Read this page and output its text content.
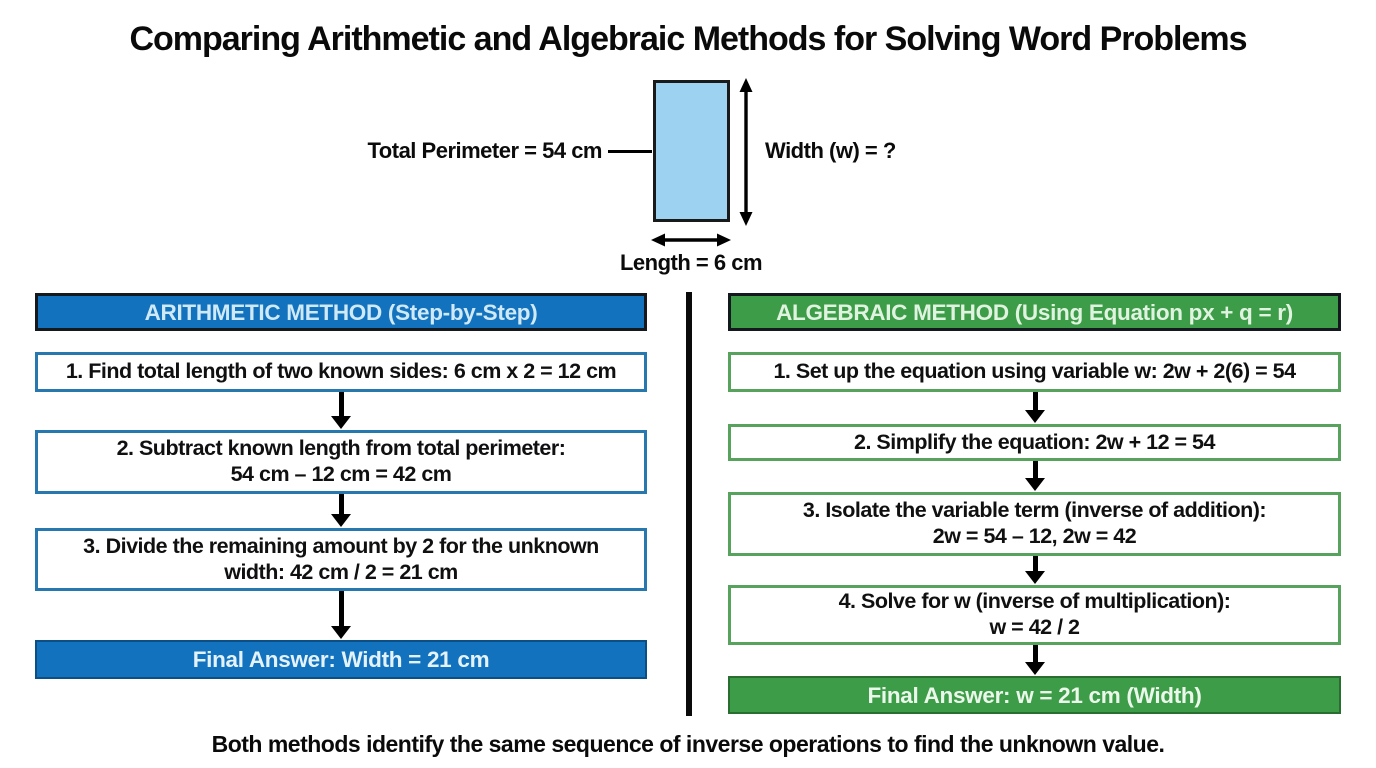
Comparing Arithmetic and Algebraic Methods for Solving Word Problems
Total Perimeter = 54 cm	Width (w) = ?
Length = 6 cm
ARITHMETIC METHOD (Step-by-Step)
1. Find total length of two known sides: 6 cm x 2 = 12 cm
2. Subtract known length from total perimeter:
54 cm – 12 cm = 42 cm
3. Divide the remaining amount by 2 for the unknown
width: 42 cm / 2 = 21 cm
Final Answer: Width = 21 cm
ALGEBRAIC METHOD (Using Equation px + q = r)
1. Set up the equation using variable w: 2w + 2(6) = 54
2. Simplify the equation: 2w + 12 = 54
3. Isolate the variable term (inverse of addition):
2w = 54 – 12, 2w = 42
4. Solve for w (inverse of multiplication):
w = 42 / 2
Final Answer: w = 21 cm (Width)
Both methods identify the same sequence of inverse operations to find the unknown value.
